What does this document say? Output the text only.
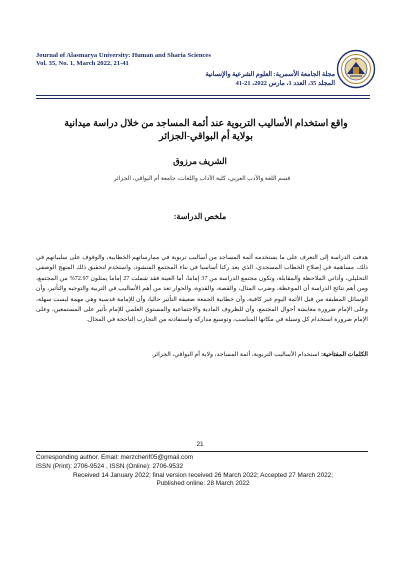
Journal of Alasmarya University: Human and Sharia Sciences
Vol. 35, No. 1, March 2022, 21-41
مجلة الجامعة الأسمرية: العلوم الشرعية والإنسانية
المجلد 35، العدد 1، مارس 2022، 21-41
واقع استخدام الأساليب التربوية عند أئمة المساجد من خلال دراسة ميدانية بولاية أم البواقي-الجزائر
الشريف مرزوق
قسم اللغة والأدب العربي، كلية الآداب واللغات، جامعة أم البواقي، الجزائر
ملخص الدراسة:
هدفت الدراسة إلى التعرف على ما يستخدمه أئمة المساجد من أساليب تربوية في ممارساتهم الخطابية، والوقوف على سلبياتهم في ذلك، مساهمة في إصلاح الخطاب المسجدي، الذي يعد ركنا أساسيا في بناء المجتمع المنشود، واستخدم لتحقيق ذلك المنهج الوصفي التحليلي، وأداتي الملاحظة والمقابلة، وتكون مجتمع الدراسة من 37 إماما، أما العينة فقد شملت 27 إماما يمثلون 72.97% من المجتمع، ومن أهم نتائج الدراسة أن الموعظة، وضرب المثال، والقصة، والقدوة، والحوار تعد من أهم الأساليب في التربية والتوجيه والتأثير، وأن الوسائل المطبقة من قبل الأئمة اليوم غير كافية، وأن خطابية الجمعة ضعيفة التأثير حاليا، وأن للإمامة قدسية وهي مهمة ليست سهلة، وعلى الإمام ضرورة معايشة أحوال المجتمع، وأن للظروف المادية والاجتماعية والمستوى العلمي للإمام تأثير على المستمعين، وعلى الإمام ضرورة استخدام كل وسيلة في مكانها المناسب، وتوسيع مداركه واستفادته من التجارب الناجحة في المجال.
الكلمات المفتاحية: استخدام الأساليب التربوية، أئمة المساجد، ولاية أم البواقي، الجزائر.
21
Corresponding author. Email: merzcherif05@gmail.com
ISSN (Print): 2706-9524 , ISSN (Online): 2706-9532
Received 14 January 2022; final version received 26 March 2022; Accepted 27 March 2022;
Published online: 28 March 2022
